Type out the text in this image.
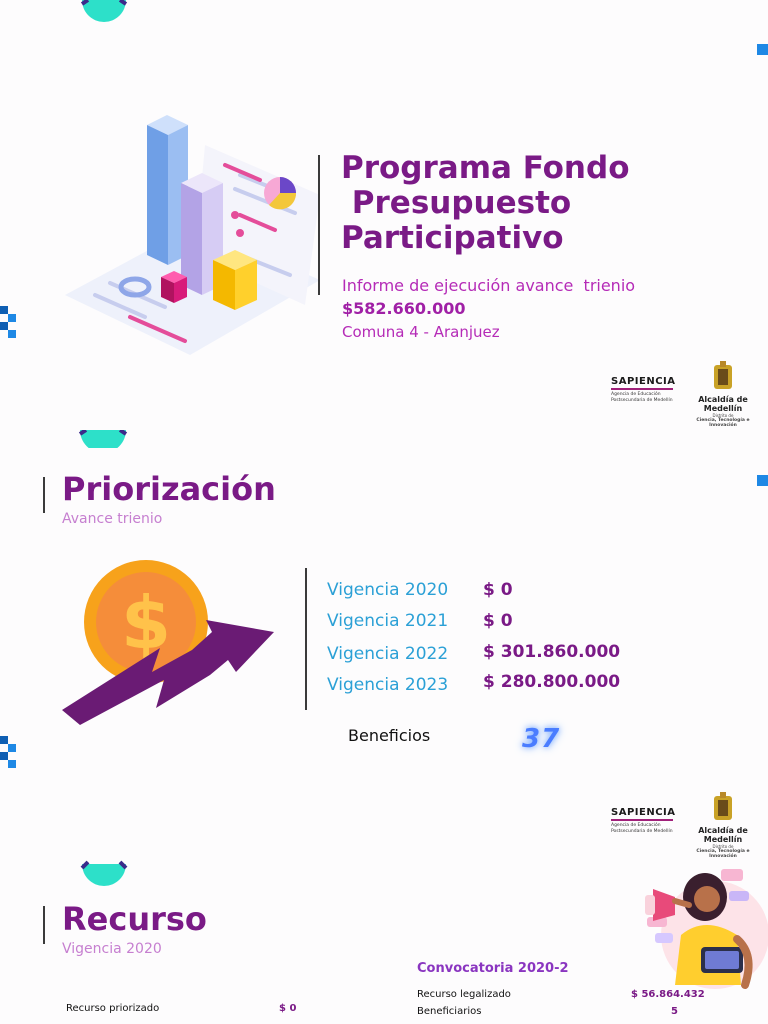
Programa Fondo
Presupuesto
Participativo
Informe de ejecución avance  trienio
$582.660.000
Comuna 4 - Aranjuez
SAPIENCIA
Agencia de Educación
Postsecundaria de Medellín	Alcaldía de Medellín
Distrito de
Ciencia, Tecnología e Innovación
Priorización
Avance trienio
$	Vigencia 2020 $ 0
Vigencia 2021 $ 0
Vigencia 2022 $ 301.860.000
Vigencia 2023 $ 280.800.000
Beneficios	37
SAPIENCIA
Agencia de Educación
Postsecundaria de Medellín	Alcaldía de Medellín
Distrito de
Ciencia, Tecnología e Innovación
Recurso
Vigencia 2020
Convocatoria 2020-2
Recurso priorizado	$ 0
Recurso legalizado	$ 56.864.432
Beneficiarios	5
